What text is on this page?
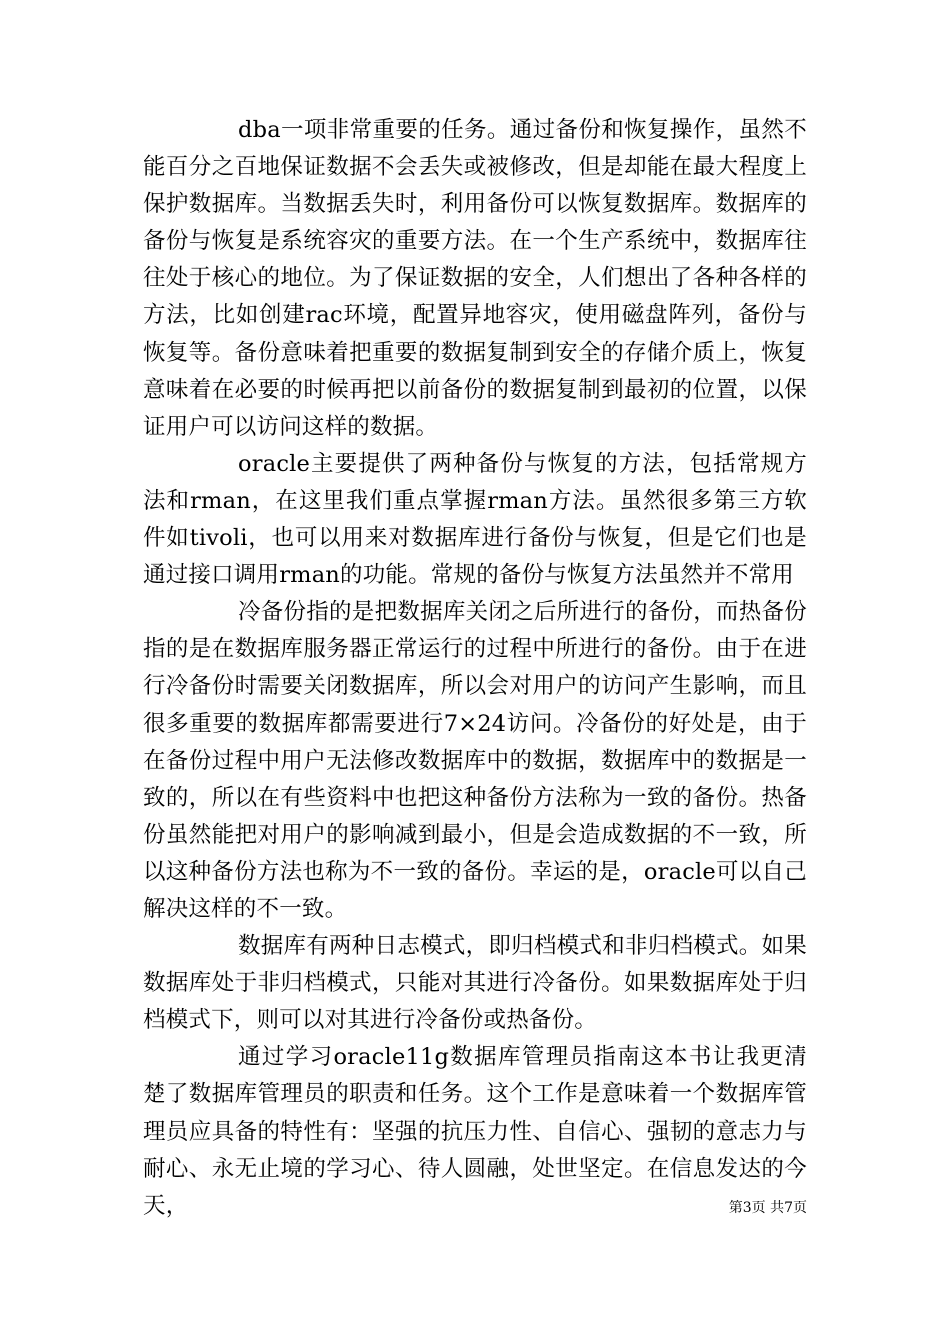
dba一项非常重要的任务。通过备份和恢复操作，虽然不能百分之百地保证数据不会丢失或被修改，但是却能在最大程度上保护数据库。当数据丢失时，利用备份可以恢复数据库。数据库的备份与恢复是系统容灾的重要方法。在一个生产系统中，数据库往往处于核心的地位。为了保证数据的安全，人们想出了各种各样的方法，比如创建rac环境，配置异地容灾，使用磁盘阵列，备份与恢复等。备份意味着把重要的数据复制到安全的存储介质上，恢复意味着在必要的时候再把以前备份的数据复制到最初的位置，以保证用户可以访问这样的数据。

oracle主要提供了两种备份与恢复的方法，包括常规方法和rman，在这里我们重点掌握rman方法。虽然很多第三方软件如tivoli，也可以用来对数据库进行备份与恢复，但是它们也是通过接口调用rman的功能。常规的备份与恢复方法虽然并不常用

冷备份指的是把数据库关闭之后所进行的备份，而热备份指的是在数据库服务器正常运行的过程中所进行的备份。由于在进行冷备份时需要关闭数据库，所以会对用户的访问产生影响，而且很多重要的数据库都需要进行7×24访问。冷备份的好处是，由于在备份过程中用户无法修改数据库中的数据，数据库中的数据是一致的，所以在有些资料中也把这种备份方法称为一致的备份。热备份虽然能把对用户的影响减到最小，但是会造成数据的不一致，所以这种备份方法也称为不一致的备份。幸运的是，oracle可以自己解决这样的不一致。

数据库有两种日志模式，即归档模式和非归档模式。如果数据库处于非归档模式，只能对其进行冷备份。如果数据库处于归档模式下，则可以对其进行冷备份或热备份。

通过学习oracle11g数据库管理员指南这本书让我更清楚了数据库管理员的职责和任务。这个工作是意味着一个数据库管理员应具备的特性有：坚强的抗压力性、自信心、强韧的意志力与耐心、永无止境的学习心、待人圆融，处世坚定。在信息发达的今天，	第3页 共7页
